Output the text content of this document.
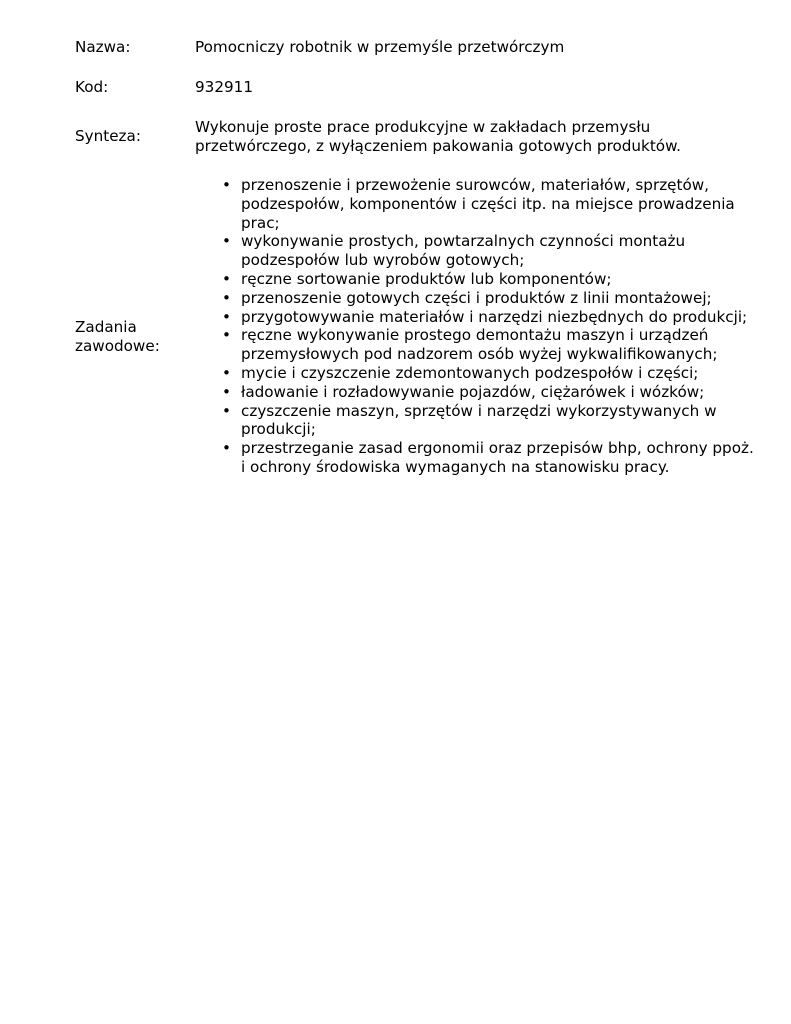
Nazwa:	Pomocniczy robotnik w przemyśle przetwórczym
Kod:	932911
Synteza:	Wykonuje proste prace produkcyjne w zakładach przemysłu przetwórczego, z wyłączeniem pakowania gotowych produktów.
Zadania zawodowe:
• przenoszenie i przewożenie surowców, materiałów, sprzętów, podzespołów, komponentów i części itp. na miejsce prowadzenia prac;
• wykonywanie prostych, powtarzalnych czynności montażu podzespołów lub wyrobów gotowych;
• ręczne sortowanie produktów lub komponentów;
• przenoszenie gotowych części i produktów z linii montażowej;
• przygotowywanie materiałów i narzędzi niezbędnych do produkcji;
• ręczne wykonywanie prostego demontażu maszyn i urządzeń przemysłowych pod nadzorem osób wyżej wykwalifikowanych;
• mycie i czyszczenie zdemontowanych podzespołów i części;
• ładowanie i rozładowywanie pojazdów, ciężarówek i wózków;
• czyszczenie maszyn, sprzętów i narzędzi wykorzystywanych w produkcji;
• przestrzeganie zasad ergonomii oraz przepisów bhp, ochrony ppoż. i ochrony środowiska wymaganych na stanowisku pracy.
